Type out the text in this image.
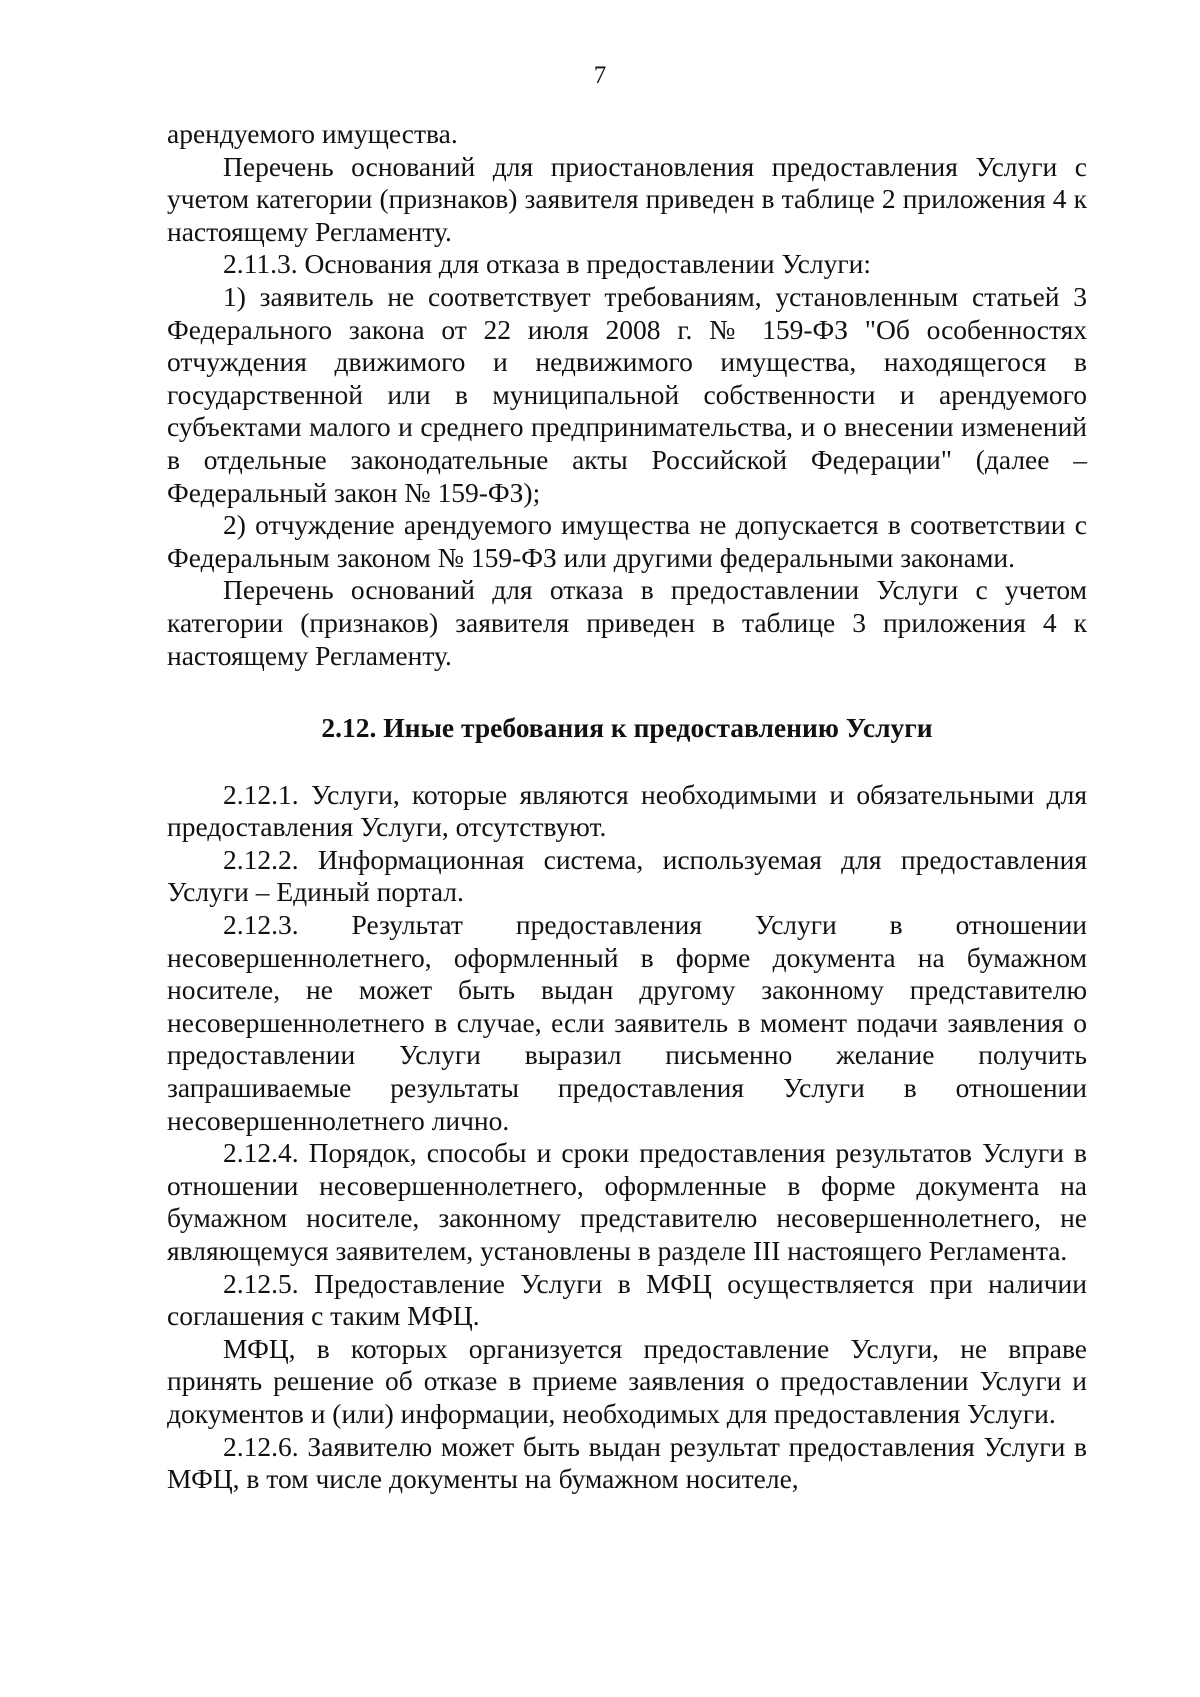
7

арендуемого имущества.

Перечень оснований для приостановления предоставления Услуги с учетом категории (признаков) заявителя приведен в таблице 2 приложения 4 к настоящему Регламенту.

2.11.3. Основания для отказа в предоставлении Услуги:

1) заявитель не соответствует требованиям, установленным статьей 3 Федерального закона от 22 июля 2008 г. № 159-ФЗ "Об особенностях отчуждения движимого и недвижимого имущества, находящегося в государственной или в муниципальной собственности и арендуемого субъектами малого и среднего предпринимательства, и о внесении изменений в отдельные законодательные акты Российской Федерации" (далее – Федеральный закон № 159-ФЗ);

2) отчуждение арендуемого имущества не допускается в соответствии с Федеральным законом № 159-ФЗ или другими федеральными законами.

Перечень оснований для отказа в предоставлении Услуги с учетом категории (признаков) заявителя приведен в таблице 3 приложения 4 к настоящему Регламенту.

2.12. Иные требования к предоставлению Услуги

2.12.1. Услуги, которые являются необходимыми и обязательными для предоставления Услуги, отсутствуют.

2.12.2. Информационная система, используемая для предоставления Услуги – Единый портал.

2.12.3. Результат предоставления Услуги в отношении несовершеннолетнего, оформленный в форме документа на бумажном носителе, не может быть выдан другому законному представителю несовершеннолетнего в случае, если заявитель в момент подачи заявления о предоставлении Услуги выразил письменно желание получить запрашиваемые результаты предоставления Услуги в отношении несовершеннолетнего лично.

2.12.4. Порядок, способы и сроки предоставления результатов Услуги в отношении несовершеннолетнего, оформленные в форме документа на бумажном носителе, законному представителю несовершеннолетнего, не являющемуся заявителем, установлены в разделе III настоящего Регламента.

2.12.5. Предоставление Услуги в МФЦ осуществляется при наличии соглашения с таким МФЦ.

МФЦ, в которых организуется предоставление Услуги, не вправе принять решение об отказе в приеме заявления о предоставлении Услуги и документов и (или) информации, необходимых для предоставления Услуги.

2.12.6. Заявителю может быть выдан результат предоставления Услуги в МФЦ, в том числе документы на бумажном носителе,
